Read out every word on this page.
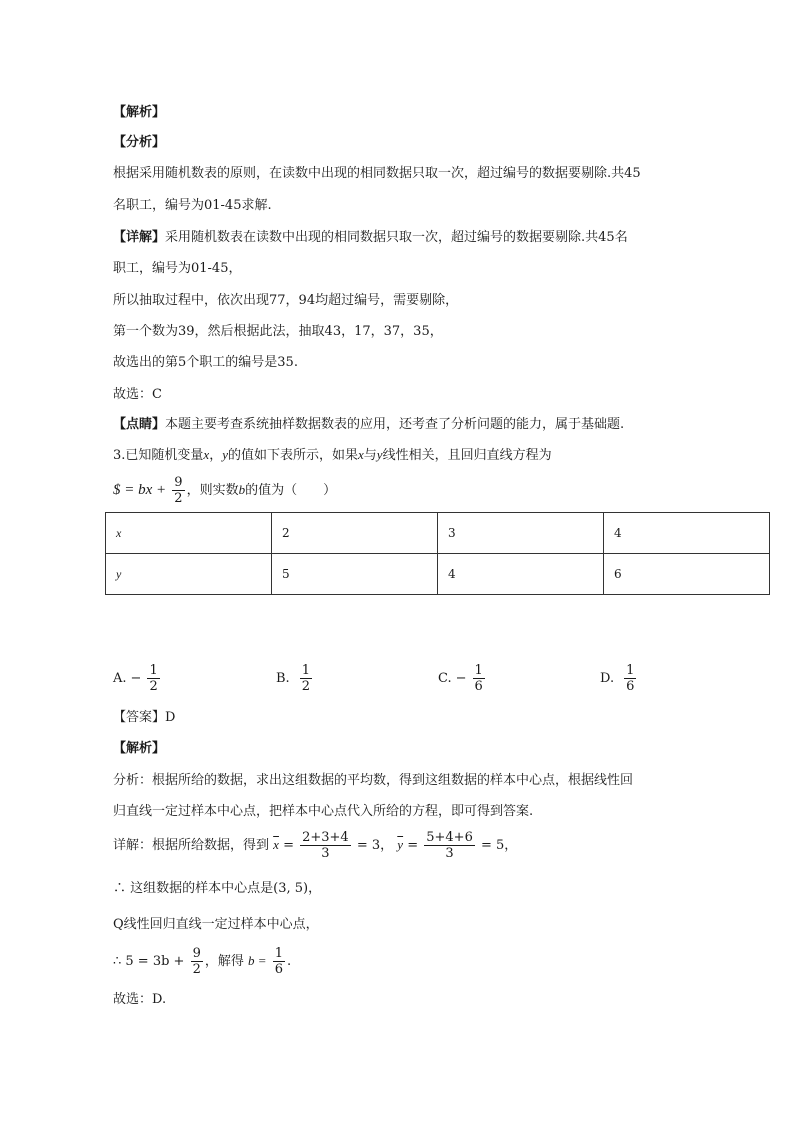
【解析】
【分析】
根据采用随机数表的原则，在读数中出现的相同数据只取一次，超过编号的数据要剔除.共45
名职工，编号为01-45求解.
【详解】采用随机数表在读数中出现的相同数据只取一次，超过编号的数据要剔除.共45名
职工，编号为01-45，
所以抽取过程中，依次出现77，94均超过编号，需要剔除，
第一个数为39，然后根据此法，抽取43，17，37，35，
故选出的第5个职工的编号是35.
故选：C
【点睛】本题主要考查系统抽样数据数表的应用，还考查了分析问题的能力，属于基础题.
3.已知随机变量x，y的值如下表所示，如果x与y线性相关，且回归直线方程为
$ = bx + $\frac{9}{2}$ ，则实数b的值为（　　）
x	2	3	4
y	5	4	6
A. − $\frac{1}{2}$	B. $\frac{1}{2}$	C. − $\frac{1}{6}$	D. $\frac{1}{6}$
【答案】D
【解析】
分析：根据所给的数据，求出这组数据的平均数，得到这组数据的样本中心点，根据线性回
归直线一定过样本中心点，把样本中心点代入所给的方程，即可得到答案.
详解：根据所给数据，得到 $\overline{x} = \frac{2+3+4}{3} = 3$， $\overline{y} = \frac{5+4+6}{3} = 5$，
∴ 这组数据的样本中心点是(3, 5)，
Q线性回归直线一定过样本中心点，
∴ $5 = 3b + \frac{9}{2}$ ，解得 $b = \frac{1}{6}$ .
故选：D.
